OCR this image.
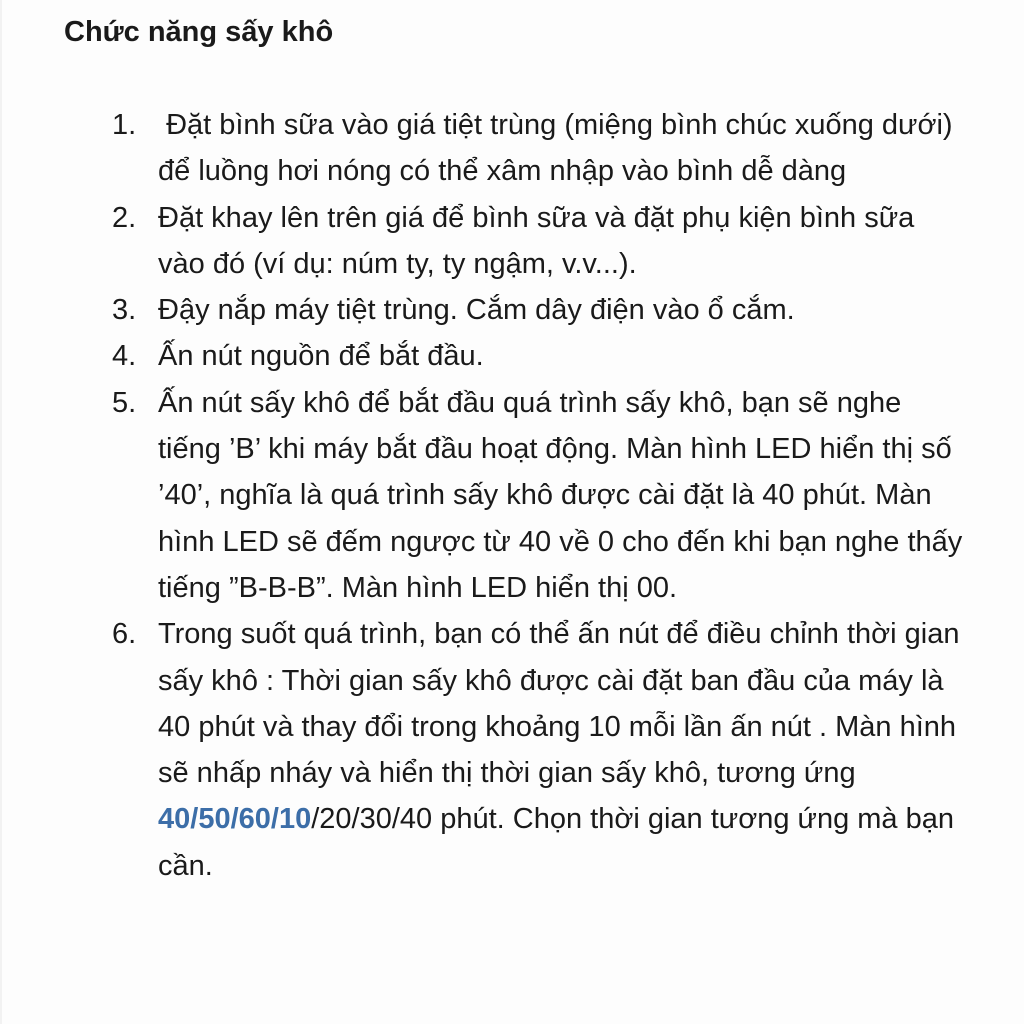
Chức năng sấy khô
1. Đặt bình sữa vào giá tiệt trùng (miệng bình chúc xuống dưới) để luồng hơi nóng có thể xâm nhập vào bình dễ dàng
2. Đặt khay lên trên giá để bình sữa và đặt phụ kiện bình sữa vào đó (ví dụ: núm ty, ty ngậm, v.v...).
3. Đậy nắp máy tiệt trùng. Cắm dây điện vào ổ cắm.
4. Ấn nút nguồn để bắt đầu.
5. Ấn nút sấy khô để bắt đầu quá trình sấy khô, bạn sẽ nghe tiếng ’B’ khi máy bắt đầu hoạt động. Màn hình LED hiển thị số ’40’, nghĩa là quá trình sấy khô được cài đặt là 40 phút. Màn hình LED sẽ đếm ngược từ 40 về 0 cho đến khi bạn nghe thấy tiếng ”B-B-B”. Màn hình LED hiển thị 00.
6. Trong suốt quá trình, bạn có thể ấn nút để điều chỉnh thời gian sấy khô : Thời gian sấy khô được cài đặt ban đầu của máy là 40 phút và thay đổi trong khoảng 10 mỗi lần ấn nút . Màn hình sẽ nhấp nháy và hiển thị thời gian sấy khô, tương ứng 40/50/60/10/20/30/40 phút. Chọn thời gian tương ứng mà bạn cần.
